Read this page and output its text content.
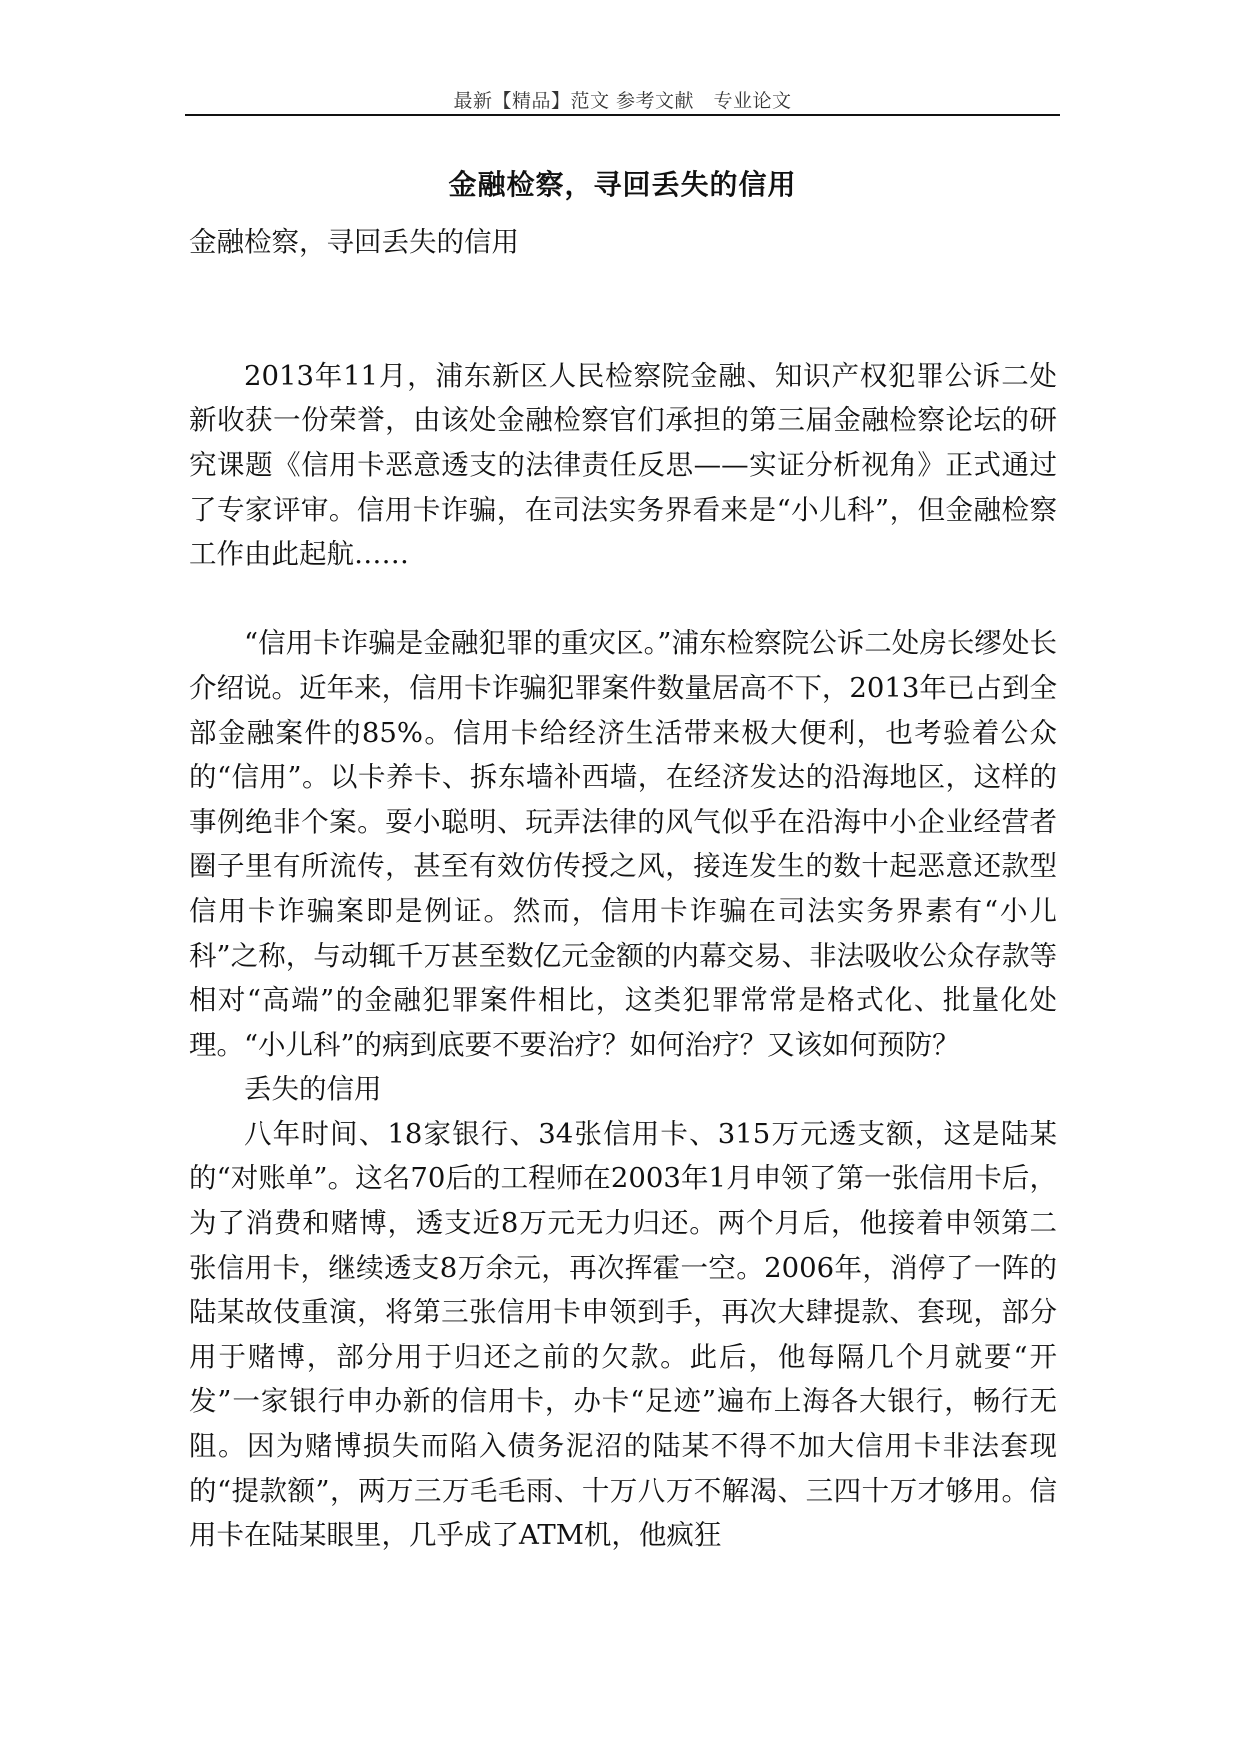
最新【精品】范文 参考文献　专业论文
金融检察，寻回丢失的信用

金融检察，寻回丢失的信用

2013年11月，浦东新区人民检察院金融、知识产权犯罪公诉二处新收获一份荣誉，由该处金融检察官们承担的第三届金融检察论坛的研究课题《信用卡恶意透支的法律责任反思——实证分析视角》正式通过了专家评审。信用卡诈骗，在司法实务界看来是“小儿科”，但金融检察工作由此起航……

“信用卡诈骗是金融犯罪的重灾区。”浦东检察院公诉二处房长缪处长介绍说。近年来，信用卡诈骗犯罪案件数量居高不下，2013年已占到全部金融案件的85%。信用卡给经济生活带来极大便利，也考验着公众的“信用”。以卡养卡、拆东墙补西墙，在经济发达的沿海地区，这样的事例绝非个案。耍小聪明、玩弄法律的风气似乎在沿海中小企业经营者圈子里有所流传，甚至有效仿传授之风，接连发生的数十起恶意还款型信用卡诈骗案即是例证。然而，信用卡诈骗在司法实务界素有“小儿科”之称，与动辄千万甚至数亿元金额的内幕交易、非法吸收公众存款等相对“高端”的金融犯罪案件相比，这类犯罪常常是格式化、批量化处理。“小儿科”的病到底要不要治疗？如何治疗？又该如何预防？

丢失的信用

八年时间、18家银行、34张信用卡、315万元透支额，这是陆某的“对账单”。这名70后的工程师在2003年1月申领了第一张信用卡后，为了消费和赌博，透支近8万元无力归还。两个月后，他接着申领第二张信用卡，继续透支8万余元，再次挥霍一空。2006年，消停了一阵的陆某故伎重演，将第三张信用卡申领到手，再次大肆提款、套现，部分用于赌博，部分用于归还之前的欠款。此后，他每隔几个月就要“开发”一家银行申办新的信用卡，办卡“足迹”遍布上海各大银行，畅行无阻。因为赌博损失而陷入债务泥沼的陆某不得不加大信用卡非法套现的“提款额”，两万三万毛毛雨、十万八万不解渴、三四十万才够用。信用卡在陆某眼里，几乎成了ATM机，他疯狂
